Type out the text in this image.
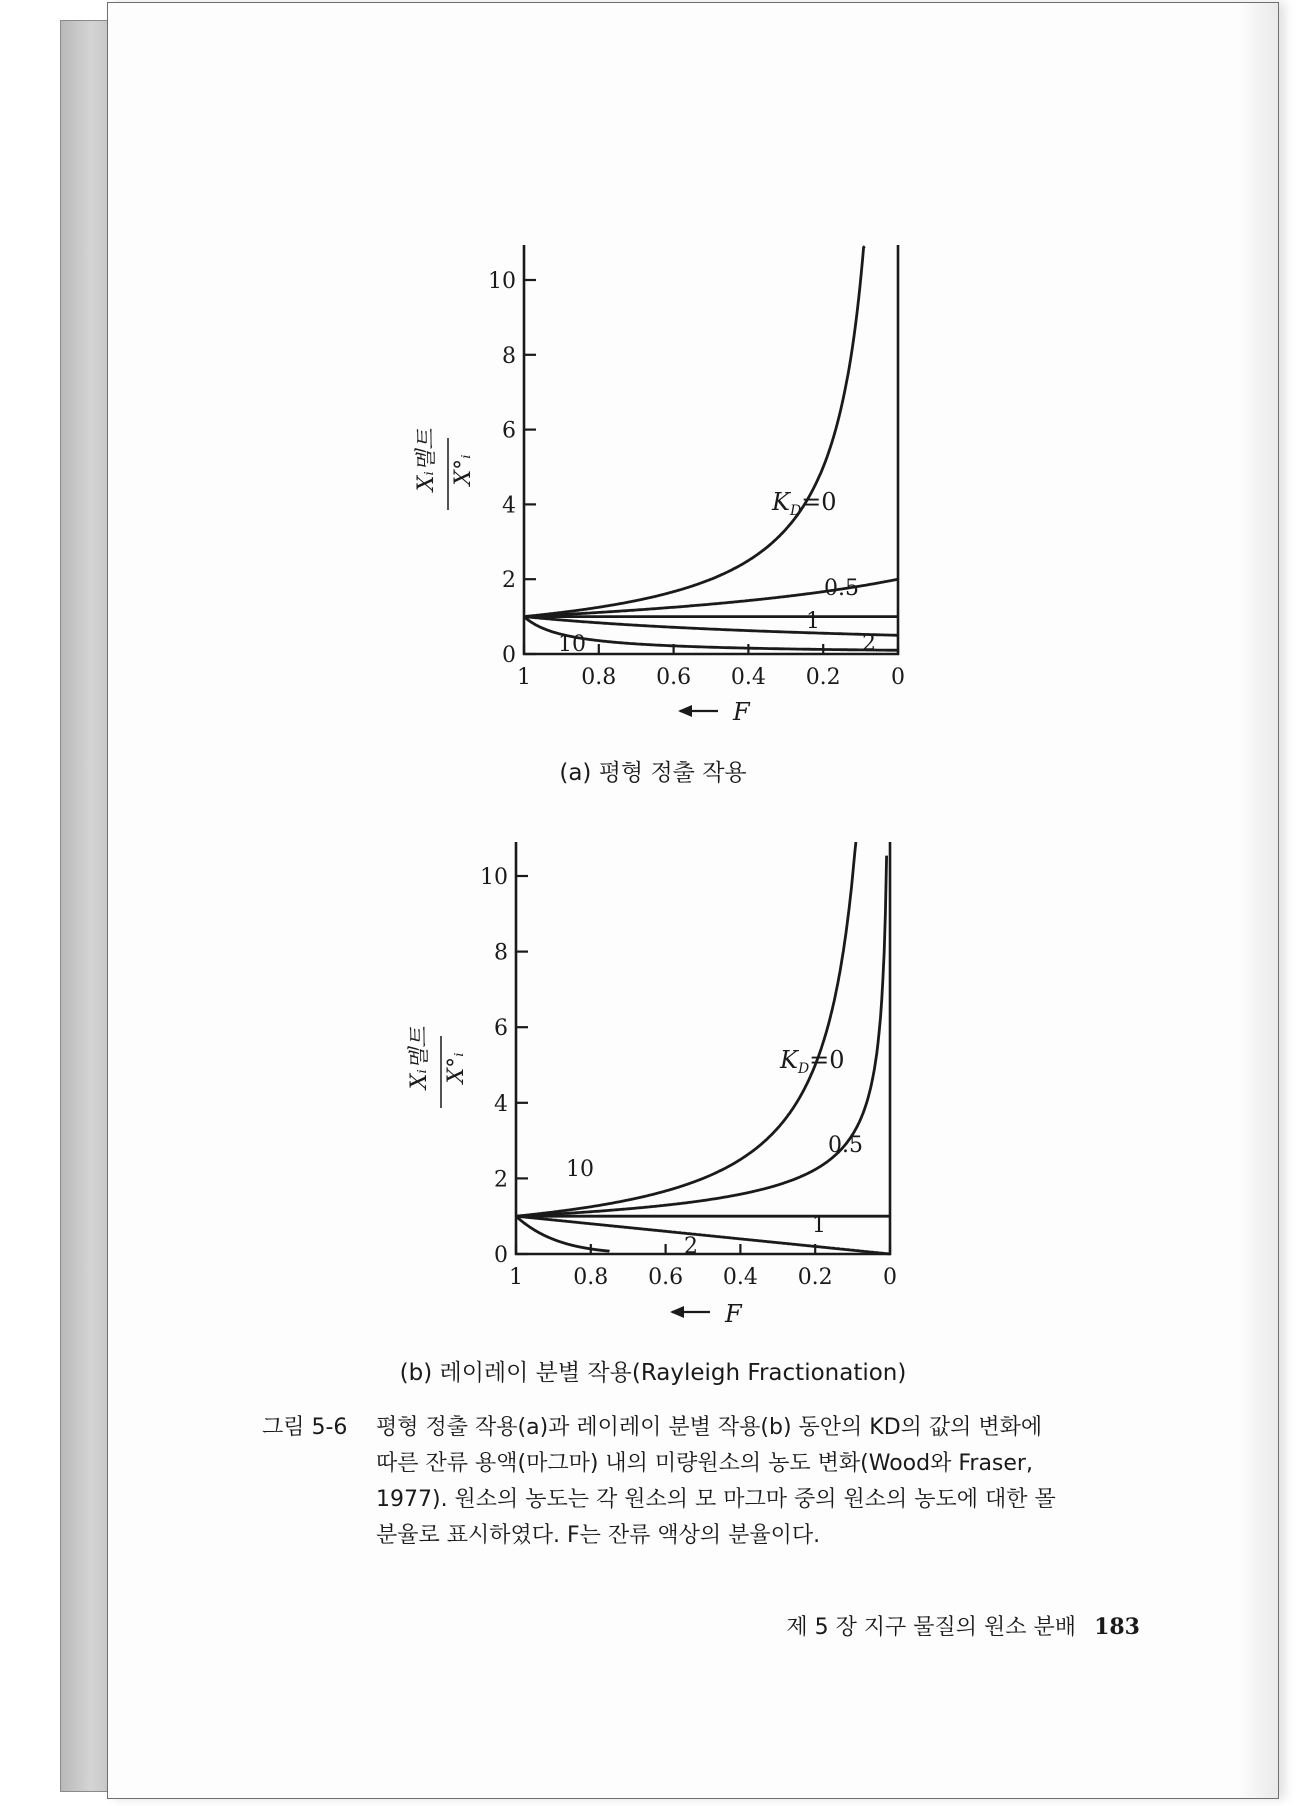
0
2
4
6
8
10
1 0.8 0.6 0.4 0.2 0
Xᵢ멜트 X°ᵢ
F
$K_D=0$
0.5
1
2
10
(a) 평형 정출 작용
0
2
4
6
8
10
1 0.8 0.6 0.4 0.2 0
Xᵢ멜트 X°ᵢ
F
$K_D=0$
0.5
10
1
2
(b) 레이레이 분별 작용(Rayleigh Fractionation)
그림 5-6 평형 정출 작용(a)과 레이레이 분별 작용(b) 동안의 KD의 값의 변화에
따른 잔류 용액(마그마) 내의 미량원소의 농도 변화(Wood와 Fraser,
1977). 원소의 농도는 각 원소의 모 마그마 중의 원소의 농도에 대한 몰
분율로 표시하였다. F는 잔류 액상의 분율이다.
제 5 장 지구 물질의 원소 분배 183
